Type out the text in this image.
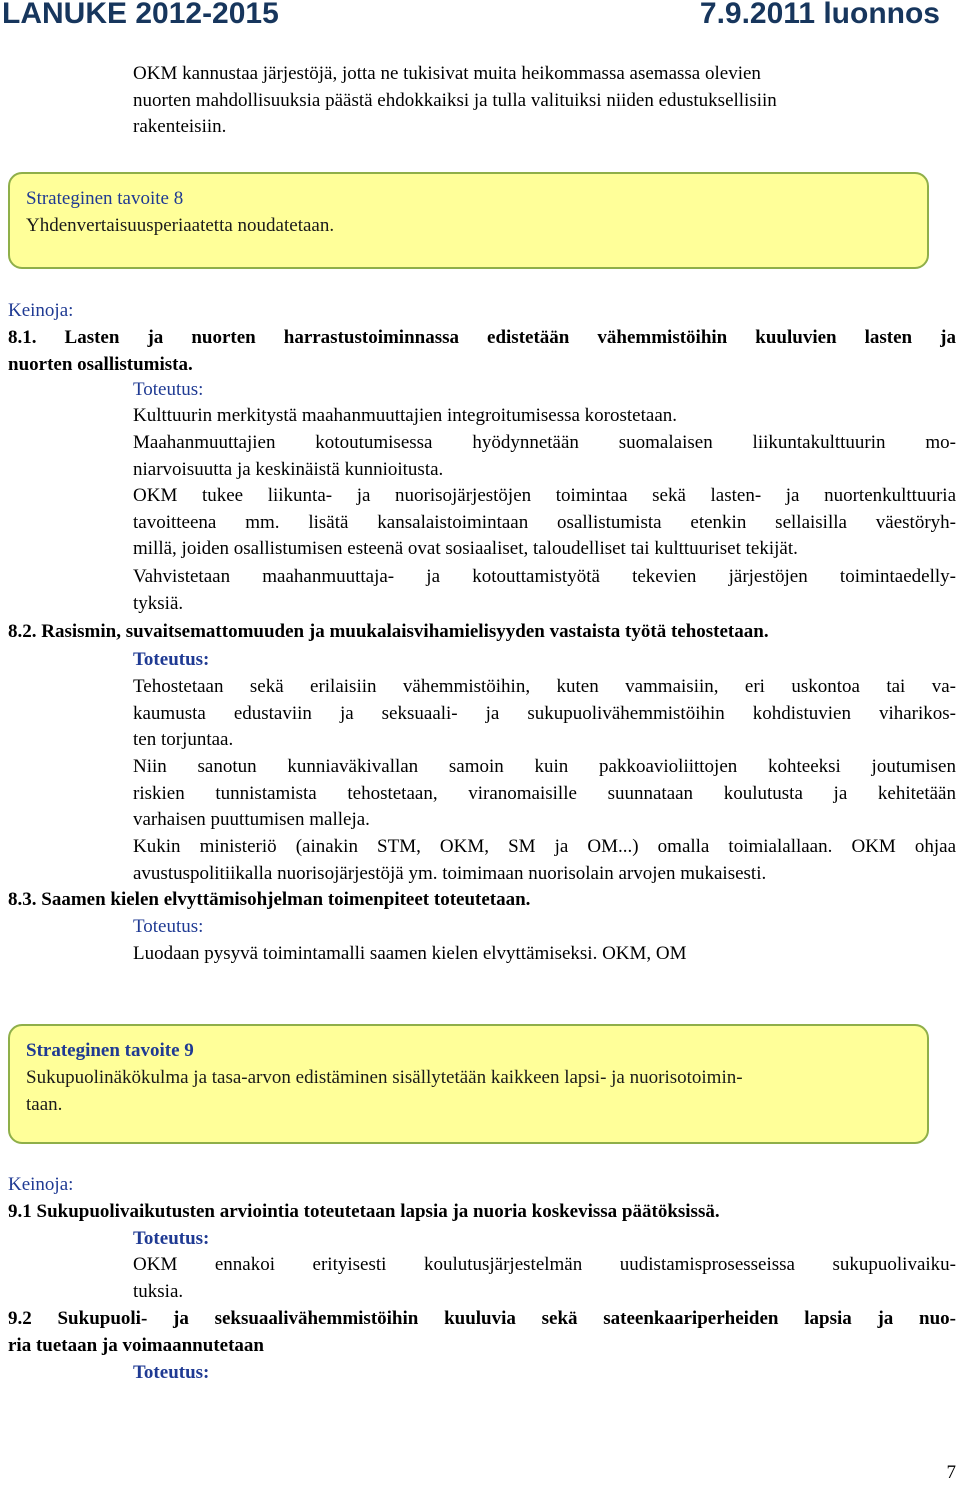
LANUKE 2012-2015	7.9.2011 luonnos
OKM kannustaa järjestöjä, jotta ne tukisivat muita heikommassa asemassa olevien
nuorten mahdollisuuksia päästä ehdokkaiksi ja tulla valituiksi niiden edustuksellisiin
rakenteisiin.
Strateginen tavoite 8
Yhdenvertaisuusperiaatetta noudatetaan.
Keinoja:
8.1. Lasten ja nuorten harrastustoiminnassa edistetään vähemmistöihin kuuluvien lasten ja
nuorten osallistumista.
Toteutus:
Kulttuurin merkitystä maahanmuuttajien integroitumisessa korostetaan.
Maahanmuuttajien kotoutumisessa hyödynnetään suomalaisen liikuntakulttuurin mo-
niarvoisuutta ja keskinäistä kunnioitusta.
OKM tukee liikunta- ja nuorisojärjestöjen toimintaa sekä lasten- ja nuortenkulttuuria
tavoitteena mm. lisätä kansalaistoimintaan osallistumista etenkin sellaisilla väestöryh-
millä, joiden osallistumisen esteenä ovat sosiaaliset, taloudelliset tai kulttuuriset tekijät.
Vahvistetaan maahanmuuttaja- ja kotouttamistyötä tekevien järjestöjen toimintaedelly-
tyksiä.
8.2. Rasismin, suvaitsemattomuuden ja muukalaisvihamielisyyden vastaista työtä tehostetaan.
Toteutus:
Tehostetaan sekä erilaisiin vähemmistöihin, kuten vammaisiin, eri uskontoa tai va-
kaumusta edustaviin ja seksuaali- ja sukupuolivähemmistöihin kohdistuvien viharikos-
ten torjuntaa.
Niin sanotun kunniaväkivallan samoin kuin pakkoavioliittojen kohteeksi joutumisen
riskien tunnistamista tehostetaan, viranomaisille suunnataan koulutusta ja kehitetään
varhaisen puuttumisen malleja.
Kukin ministeriö (ainakin STM, OKM, SM ja OM...) omalla toimialallaan. OKM ohjaa
avustuspolitiikalla nuorisojärjestöjä ym. toimimaan nuorisolain arvojen mukaisesti.
8.3. Saamen kielen elvyttämisohjelman toimenpiteet toteutetaan.
Toteutus:
Luodaan pysyvä toimintamalli saamen kielen elvyttämiseksi. OKM, OM
Strateginen tavoite 9
Sukupuolinäkökulma ja tasa-arvon edistäminen sisällytetään kaikkeen lapsi- ja nuorisotoimin-
taan.
Keinoja:
9.1 Sukupuolivaikutusten arviointia toteutetaan lapsia ja nuoria koskevissa päätöksissä.
Toteutus:
OKM ennakoi erityisesti koulutusjärjestelmän uudistamisprosesseissa sukupuolivaiku-
tuksia.
9.2 Sukupuoli- ja seksuaalivähemmistöihin kuuluvia sekä sateenkaariperheiden lapsia ja nuo-
ria tuetaan ja voimaannutetaan
Toteutus:
7
